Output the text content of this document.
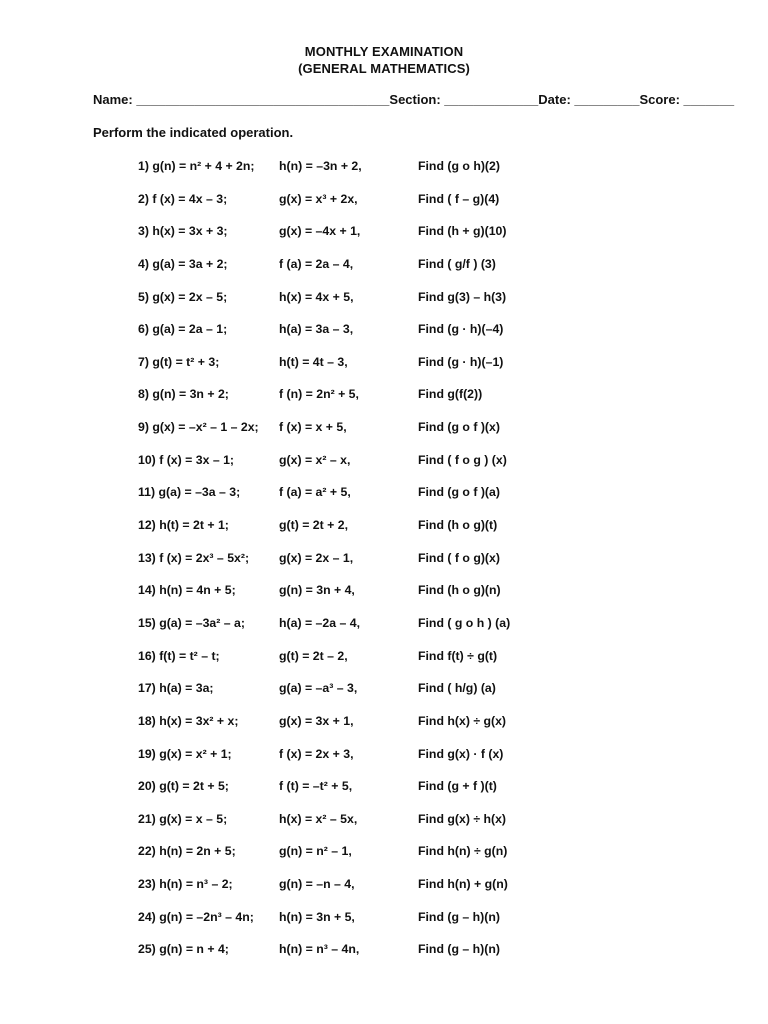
MONTHLY EXAMINATION
(GENERAL MATHEMATICS)
Name: ___________________________________Section: _____________Date: _________Score: _______
Perform the indicated operation.
1) g(n) = n² + 4 + 2n; h(n) = –3n + 2,	Find (g o h)(2)
2) f (x) = 4x – 3;	g(x) = x³ + 2x,	Find ( f – g)(4)
3) h(x) = 3x + 3;	g(x) = –4x + 1,	Find (h + g)(10)
4) g(a) = 3a + 2;	f (a) = 2a – 4,	Find ( g/f ) (3)
5) g(x) = 2x – 5;	h(x) = 4x + 5,	Find g(3) – h(3)
6) g(a) = 2a – 1;	h(a) = 3a – 3,	Find (g · h)(–4)
7) g(t) = t² + 3;	h(t) = 4t – 3,	Find (g · h)(–1)
8) g(n) = 3n + 2;	f (n) = 2n² + 5,	Find g(f(2))
9) g(x) = –x² – 1 – 2x; f (x) = x + 5,	Find (g o f )(x)
10) f (x) = 3x – 1;	g(x) = x² – x,	Find ( f o g ) (x)
11) g(a) = –3a – 3;	f (a) = a² + 5,	Find (g o f )(a)
12) h(t) = 2t + 1;	g(t) = 2t + 2,	Find (h o g)(t)
13) f (x) = 2x³ – 5x²; g(x) = 2x – 1,	Find ( f o g)(x)
14) h(n) = 4n + 5;	g(n) = 3n + 4,	Find (h o g)(n)
15) g(a) = –3a² – a;	h(a) = –2a – 4,	Find ( g o h ) (a)
16) f(t) = t² – t;	g(t) = 2t – 2,	Find f(t) ÷ g(t)
17) h(a) = 3a;	g(a) = –a³ – 3,	Find ( h/g) (a)
18) h(x) = 3x² + x;	g(x) = 3x + 1,	Find h(x) ÷ g(x)
19) g(x) = x² + 1;	f (x) = 2x + 3,	Find g(x) · f (x)
20) g(t) = 2t + 5;	f (t) = –t² + 5,	Find (g + f )(t)
21) g(x) = x – 5;	h(x) = x² – 5x,	Find g(x) ÷ h(x)
22) h(n) = 2n + 5;	g(n) = n² – 1,	Find h(n) ÷ g(n)
23) h(n) = n³ – 2;	g(n) = –n – 4,	Find h(n) + g(n)
24) g(n) = –2n³ – 4n; h(n) = 3n + 5,	Find (g – h)(n)
25) g(n) = n + 4;	h(n) = n³ – 4n,	Find (g – h)(n)
